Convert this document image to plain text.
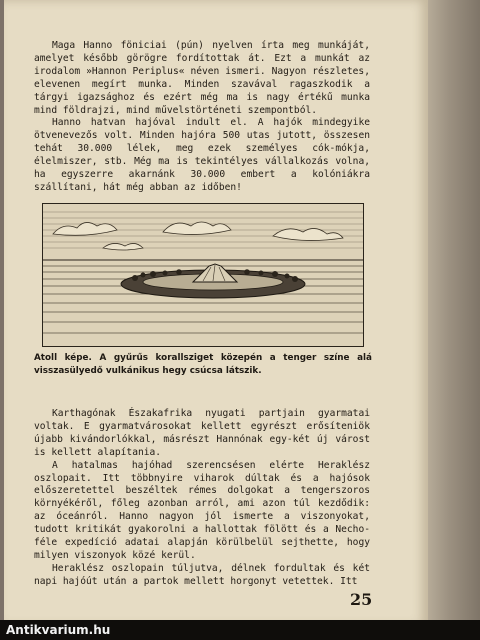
Maga Hanno föniciai (pún) nyelven írta meg munkáját, amelyet később görögre fordítottak át. Ezt a munkát az irodalom »Hannon Periplus« néven ismeri. Nagyon részletes, elevenen megírt munka. Minden szavával ragaszkodik a tárgyi igazsághoz és ezért még ma is nagy értékű munka mind földrajzi, mind művelstörténeti szempontból.

Hanno hatvan hajóval indult el. A hajók mindegyike ötvenevezős volt. Minden hajóra 500 utas jutott, összesen tehát 30.000 lélek, meg ezek személyes cók-mókja, élelmiszer, stb. Még ma is tekintélyes vállalkozás volna, ha egyszerre akarnánk 30.000 embert a kolóniákra szállítani, hát még abban az időben!

Atoll képe. A gyűrűs korallsziget közepén a tenger színe alá visszasülyedő vulkánikus hegy csúcsa látszik.

Karthagónak Északafrika nyugati partjain gyarmatai voltak. E gyarmatvárosokat kellett egyrészt erősíteniök újabb kivándorlókkal, másrészt Hannónak egy-két új várost is kellett alapítania.

A hatalmas hajóhad szerencsésen elérte Heraklész oszlopait. Itt többnyire viharok dúltak és a hajósok előszeretettel beszéltek rémes dolgokat a tengerszoros környékéről, főleg azonban arról, ami azon túl kezdődik: az óceánról. Hanno nagyon jól ismerte a viszonyokat, tudott kritikát gyakorolni a hallottak fölött és a Necho-féle expedíció adatai alapján körülbelül sejthette, hogy milyen viszonyok közé kerül.

Heraklész oszlopain túljutva, délnek fordultak és két napi hajóút után a partok mellett horgonyt vetettek. Itt

25
Antikvarium.hu
